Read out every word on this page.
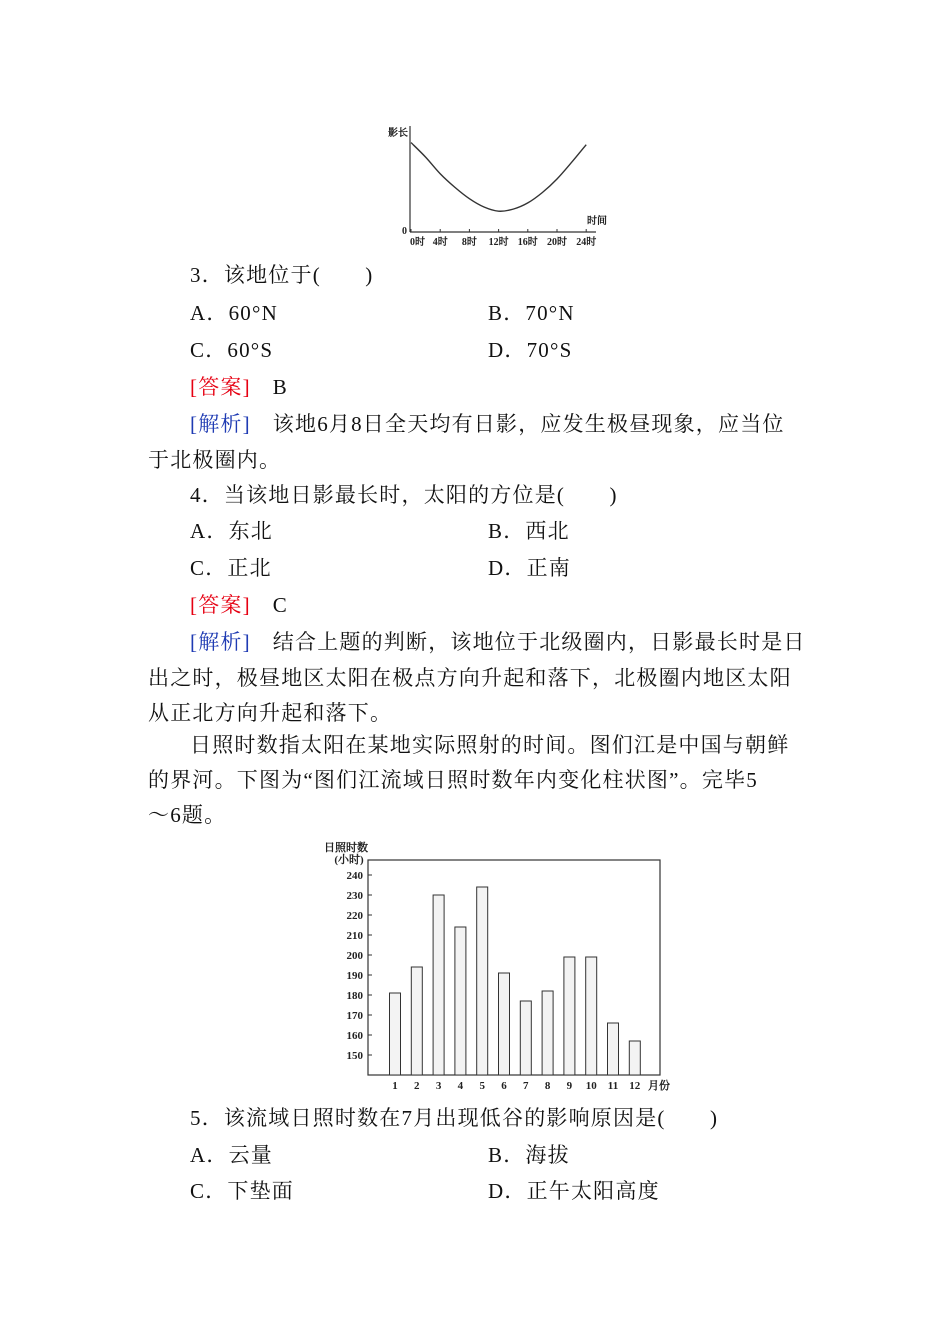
影长
0
时间
0时 4时 8时 12时 16时 20时 24时
3．该地位于(　　)
A．60°N	B．70°N
C．60°S	D．70°S
[答案] B
[解析] 该地6月8日全天均有日影，应发生极昼现象，应当位
于北极圈内。
4．当该地日影最长时，太阳的方位是(　　)
A．东北	B．西北
C．正北	D．正南
[答案] C
[解析] 结合上题的判断，该地位于北级圈内，日影最长时是日
出之时，极昼地区太阳在极点方向升起和落下，北极圈内地区太阳
从正北方向升起和落下。
日照时数指太阳在某地实际照射的时间。图们江是中国与朝鲜
的界河。下图为“图们江流域日照时数年内变化柱状图”。完毕5
～6题。
日照时数
(小时)
月份
150
160
170
180
190
200
210
220
230
240
1 2 3 4 5 6 7 8 9 10 11 12
5．该流域日照时数在7月出现低谷的影响原因是(　　)
A．云量	B．海拔
C．下垫面	D．正午太阳高度
